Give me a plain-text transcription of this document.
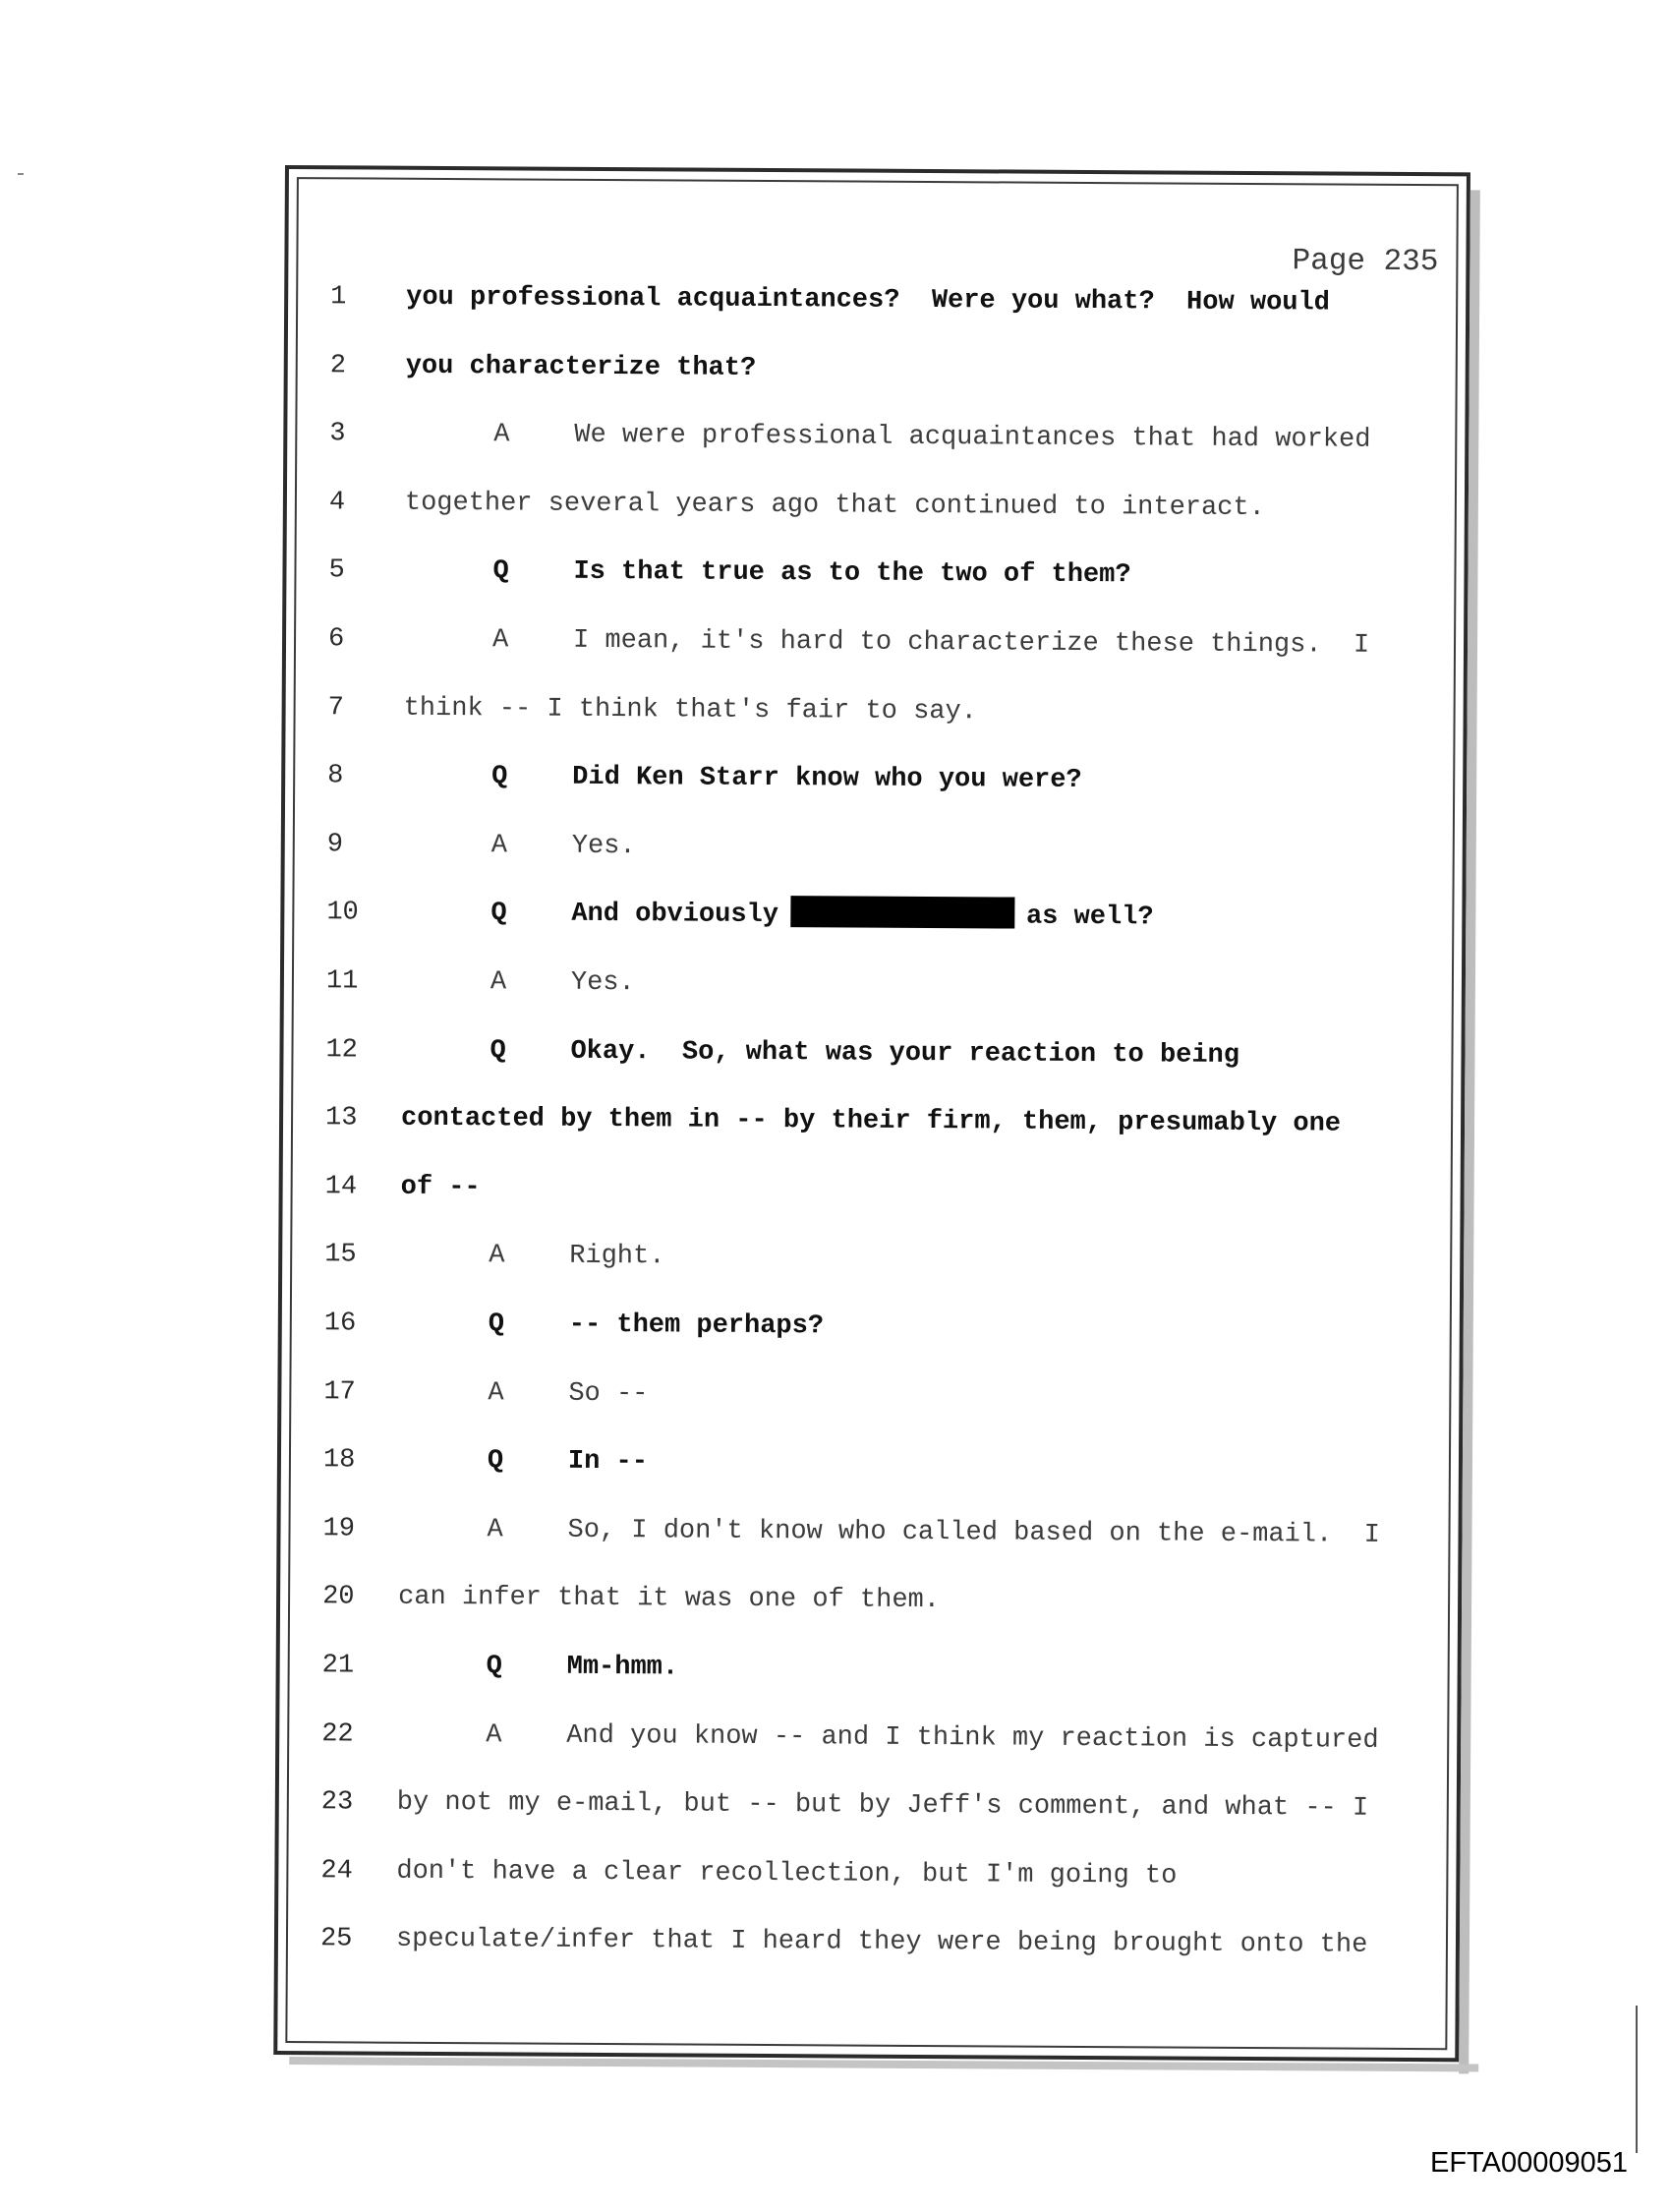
Page 235
1	you professional acquaintances?  Were you what?  How would
2	you characterize that?
3	A We were professional acquaintances that had worked
4	together several years ago that continued to interact.
5	Q Is that true as to the two of them?
6	A I mean, it's hard to characterize these things.  I
7	think -- I think that's fair to say.
8	Q Did Ken Starr know who you were?
9	A Yes.
10	Q And obviously	as well?
11	A Yes.
12	Q Okay.  So, what was your reaction to being
13 contacted by them in -- by their firm, them, presumably one
14 of --
15	A Right.
16	Q -- them perhaps?
17	A So --
18	Q In --
19	A So, I don't know who called based on the e-mail.  I
20 can infer that it was one of them.
21	Q Mm-hmm.
22	A And you know -- and I think my reaction is captured
23 by not my e-mail, but -- but by Jeff's comment, and what -- I
24 don't have a clear recollection, but I'm going to
25 speculate/infer that I heard they were being brought onto the
EFTA00009051
